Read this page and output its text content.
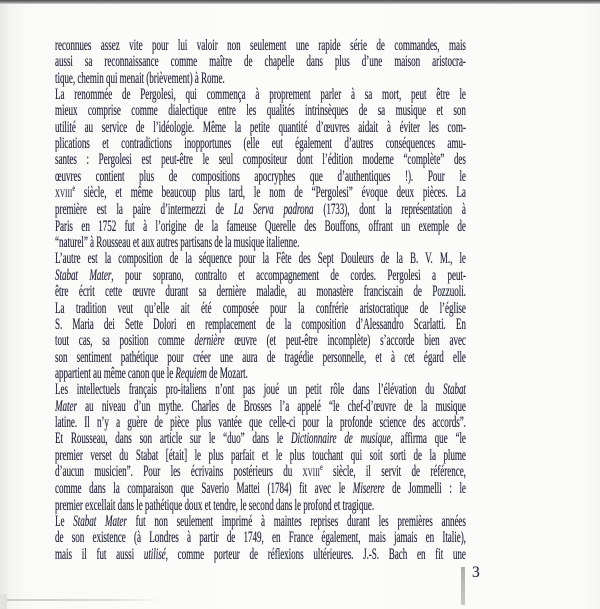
reconnues assez vite pour lui valoir non seulement une rapide série de commandes, mais
aussi sa reconnaissance comme maître de chapelle dans plus d’une maison aristocra-
tique, chemin qui menait (brièvement) à Rome.
La renommée de Pergolesi, qui commença à proprement parler à sa mort, peut être le
mieux comprise comme dialectique entre les qualités intrinsèques de sa musique et son
utilité au service de l’idéologie. Même la petite quantité d’œuvres aidait à éviter les com-
plications et contradictions inopportunes (elle eut également d’autres conséquences amu-
santes : Pergolesi est peut-être le seul compositeur dont l’édition moderne “complète” des
œuvres contient plus de compositions apocryphes que d’authentiques !). Pour le
XVIIIe siècle, et même beaucoup plus tard, le nom de “Pergolesi” évoque deux pièces. La
première est la paire d’intermezzi de La Serva padrona (1733), dont la représentation à
Paris en 1752 fut à l’origine de la fameuse Querelle des Bouffons, offrant un exemple de
“naturel” à Rousseau et aux autres partisans de la musique italienne.
L’autre est la composition de la séquence pour la Fête des Sept Douleurs de la B. V. M., le
Stabat Mater, pour soprano, contralto et accompagnement de cordes. Pergolesi a peut-
être écrit cette œuvre durant sa dernière maladie, au monastère franciscain de Pozzuoli.
La tradition veut qu’elle ait été composée pour la confrérie aristocratique de l’église
S. Maria dei Sette Dolori en remplacement de la composition d’Alessandro Scarlatti. En
tout cas, sa position comme dernière œuvre (et peut-être incomplète) s’accorde bien avec
son sentiment pathétique pour créer une aura de tragédie personnelle, et à cet égard elle
appartient au même canon que le Requiem de Mozart.
Les intellectuels français pro-italiens n’ont pas joué un petit rôle dans l’élévation du Stabat
Mater au niveau d’un mythe. Charles de Brosses l’a appelé “le chef-d’œuvre de la musique
latine. Il n’y a guère de pièce plus vantée que celle-ci pour la profonde science des accords”.
Et Rousseau, dans son article sur le “duo” dans le Dictionnaire de musique, affirma que “le
premier verset du Stabat [était] le plus parfait et le plus touchant qui soit sorti de la plume
d’aucun musicien”. Pour les écrivains postérieurs du XVIIIe siècle, il servit de référence,
comme dans la comparaison que Saverio Mattei (1784) fit avec le Miserere de Jommelli : le
premier excellait dans le pathétique doux et tendre, le second dans le profond et tragique.
Le Stabat Mater fut non seulement imprimé à maintes reprises durant les premières années
de son existence (à Londres à partir de 1749, en France également, mais jamais en Italie),
mais il fut aussi utilisé, comme porteur de réflexions ultérieures. J.-S. Bach en fit une
3
